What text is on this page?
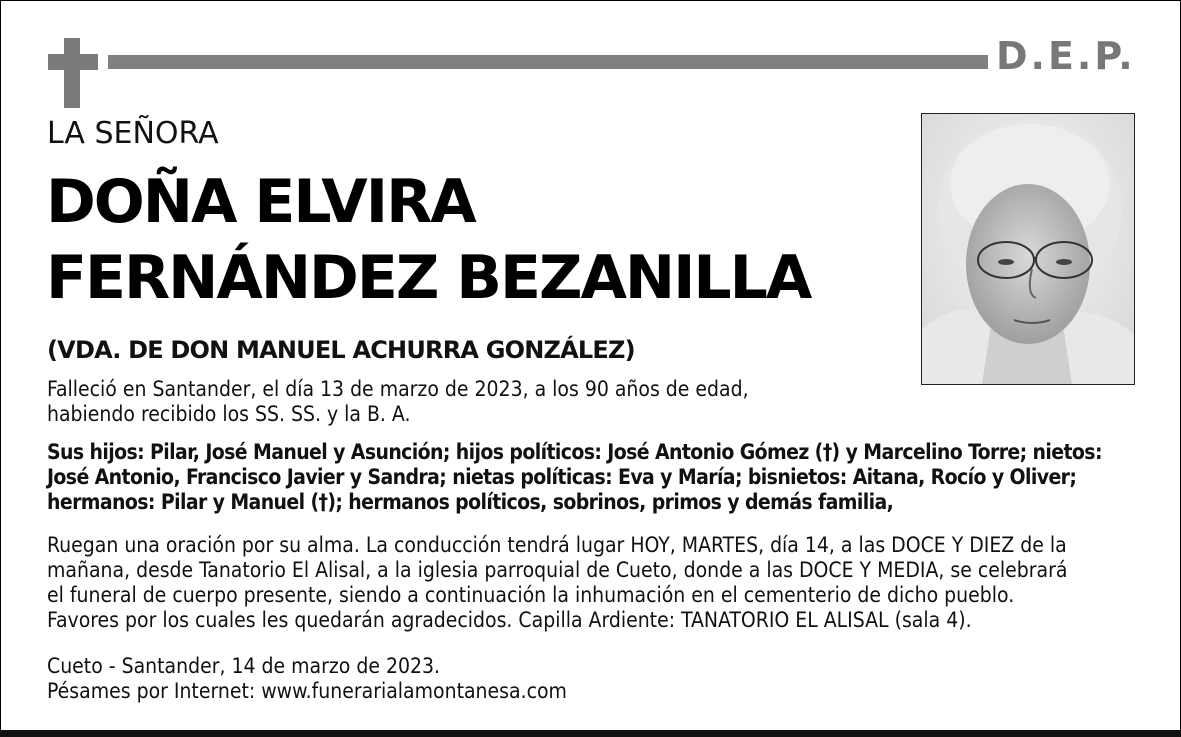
D.E.P.
LA SEÑORA
DOÑA ELVIRA
FERNÁNDEZ BEZANILLA
(VDA. DE DON MANUEL ACHURRA GONZÁLEZ)
Falleció en Santander, el día 13 de marzo de 2023, a los 90 años de edad,
habiendo recibido los SS. SS. y la B. A.
Sus hijos: Pilar, José Manuel y Asunción; hijos políticos: José Antonio Gómez (†) y Marcelino Torre; nietos:
José Antonio, Francisco Javier y Sandra; nietas políticas: Eva y María; bisnietos: Aitana, Rocío y Oliver;
hermanos: Pilar y Manuel (†); hermanos políticos, sobrinos, primos y demás familia,
Ruegan una oración por su alma. La conducción tendrá lugar HOY, MARTES, día 14, a las DOCE Y DIEZ de la
mañana, desde Tanatorio El Alisal, a la iglesia parroquial de Cueto, donde a las DOCE Y MEDIA, se celebrará
el funeral de cuerpo presente, siendo a continuación la inhumación en el cementerio de dicho pueblo.
Favores por los cuales les quedarán agradecidos. Capilla Ardiente: TANATORIO EL ALISAL (sala 4).
Cueto - Santander, 14 de marzo de 2023.
Pésames por Internet: www.funerarialamontanesa.com
